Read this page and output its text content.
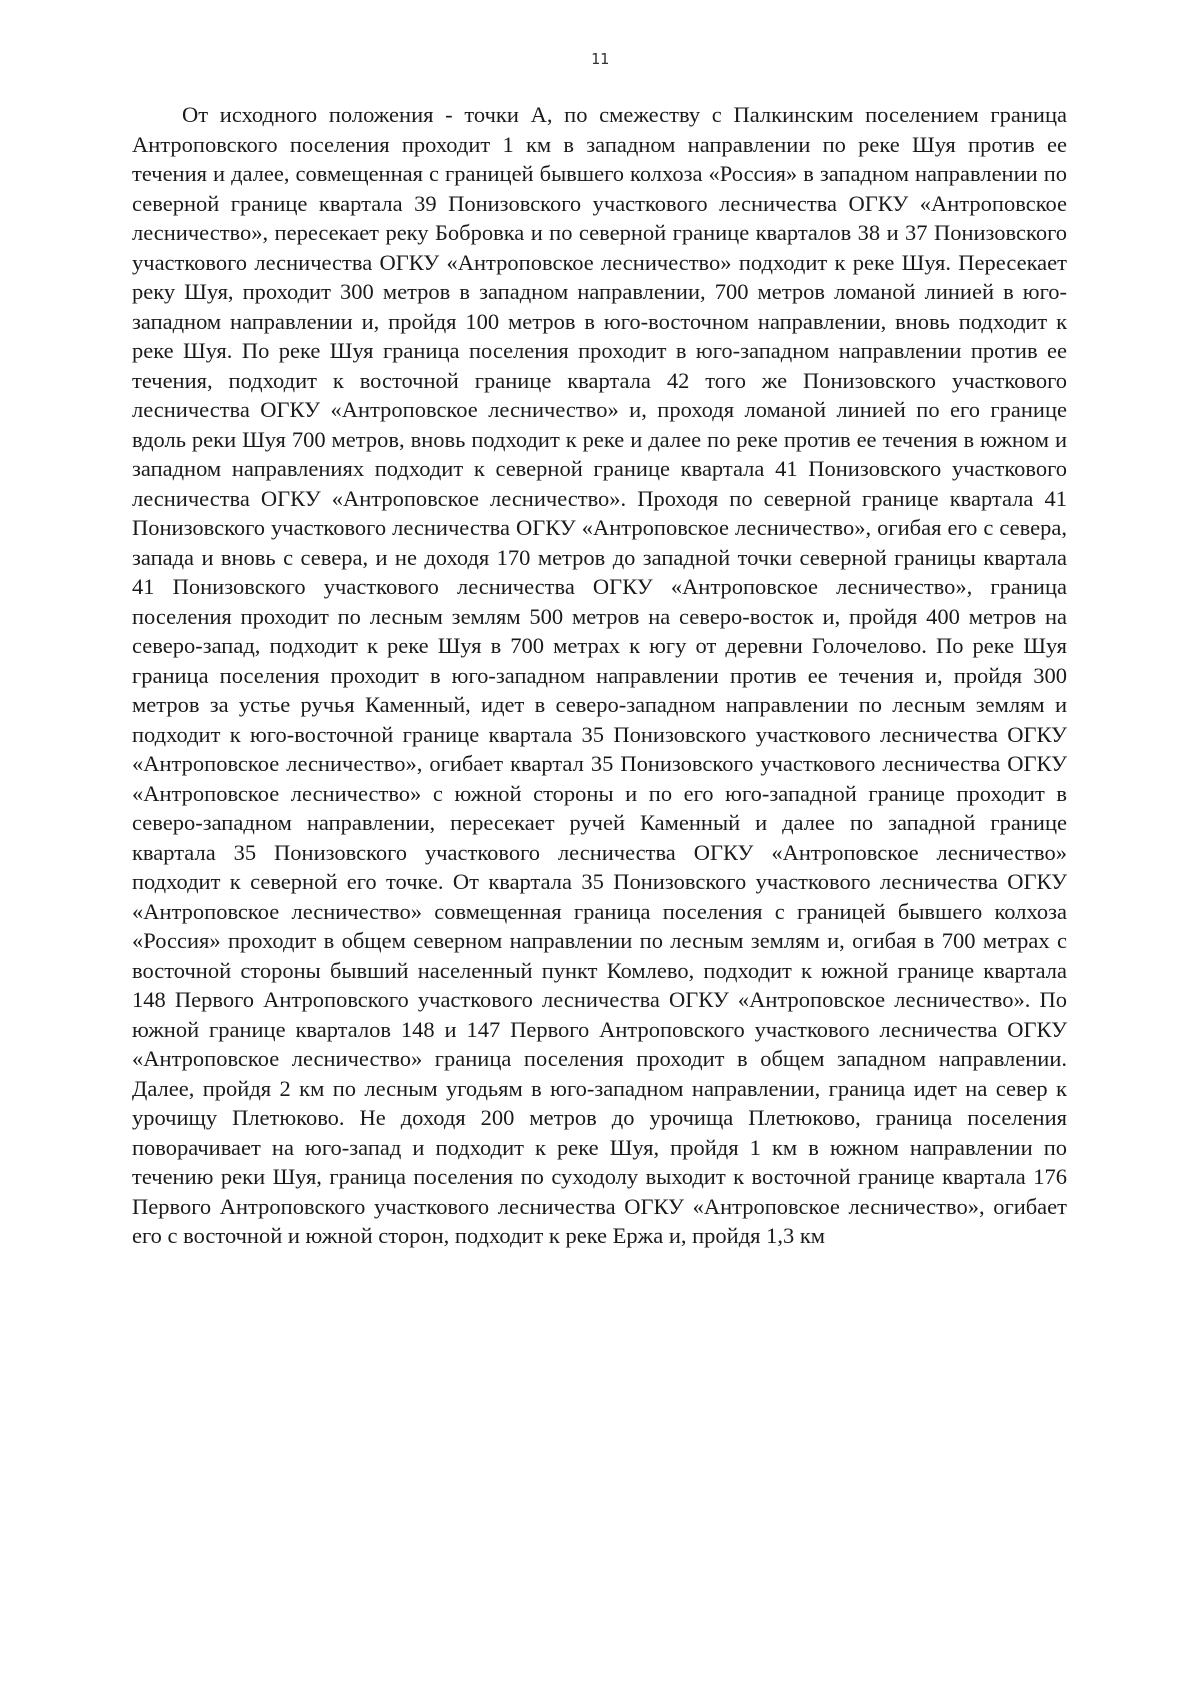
11

От исходного положения - точки А, по смежеству с Палкинским поселением граница Антроповского поселения проходит 1 км в западном направлении по реке Шуя против ее течения и далее, совмещенная с границей бывшего колхоза «Россия» в западном направлении по северной границе квартала 39 Понизовского участкового лесничества ОГКУ «Антроповское лесничество», пересекает реку Бобровка и по северной границе кварталов 38 и 37 Понизовского участкового лесничества ОГКУ «Антроповское лесничество» подходит к реке Шуя. Пересекает реку Шуя, проходит 300 метров в западном направлении, 700 метров ломаной линией в юго-западном направлении и, пройдя 100 метров в юго-восточном направлении, вновь подходит к реке Шуя. По реке Шуя граница поселения проходит в юго-западном направлении против ее течения, подходит к восточной границе квартала 42 того же Понизовского участкового лесничества ОГКУ «Антроповское лесничество» и, проходя ломаной линией по его границе вдоль реки Шуя 700 метров, вновь подходит к реке и далее по реке против ее течения в южном и западном направлениях подходит к северной границе квартала 41 Понизовского участкового лесничества ОГКУ «Антроповское лесничество». Проходя по северной границе квартала 41 Понизовского участкового лесничества ОГКУ «Антроповское лесничество», огибая его с севера, запада и вновь с севера, и не доходя 170 метров до западной точки северной границы квартала 41 Понизовского участкового лесничества ОГКУ «Антроповское лесничество», граница поселения проходит по лесным землям 500 метров на северо-восток и, пройдя 400 метров на северо-запад, подходит к реке Шуя в 700 метрах к югу от деревни Голочелово. По реке Шуя граница поселения проходит в юго-западном направлении против ее течения и, пройдя 300 метров за устье ручья Каменный, идет в северо-западном направлении по лесным землям и подходит к юго-восточной границе квартала 35 Понизовского участкового лесничества ОГКУ «Антроповское лесничество», огибает квартал 35 Понизовского участкового лесничества ОГКУ «Антроповское лесничество» с южной стороны и по его юго-западной границе проходит в северо-западном направлении, пересекает ручей Каменный и далее по западной границе квартала 35 Понизовского участкового лесничества ОГКУ «Антроповское лесничество» подходит к северной его точке. От квартала 35 Понизовского участкового лесничества ОГКУ «Антроповское лесничество» совмещенная граница поселения с границей бывшего колхоза «Россия» проходит в общем северном направлении по лесным землям и, огибая в 700 метрах с восточной стороны бывший населенный пункт Комлево, подходит к южной границе квартала 148 Первого Антроповского участкового лесничества ОГКУ «Антроповское лесничество». По южной границе кварталов 148 и 147 Первого Антроповского участкового лесничества ОГКУ «Антроповское лесничество» граница поселения проходит в общем западном направлении. Далее, пройдя 2 км по лесным угодьям в юго-западном направлении, граница идет на север к урочищу Плетюково. Не доходя 200 метров до урочища Плетюково, граница поселения поворачивает на юго-запад и подходит к реке Шуя, пройдя 1 км в южном направлении по течению реки Шуя, граница поселения по суходолу выходит к восточной границе квартала 176 Первого Антроповского участкового лесничества ОГКУ «Антроповское лесничество», огибает его с восточной и южной сторон, подходит к реке Ержа и, пройдя 1,3 км
